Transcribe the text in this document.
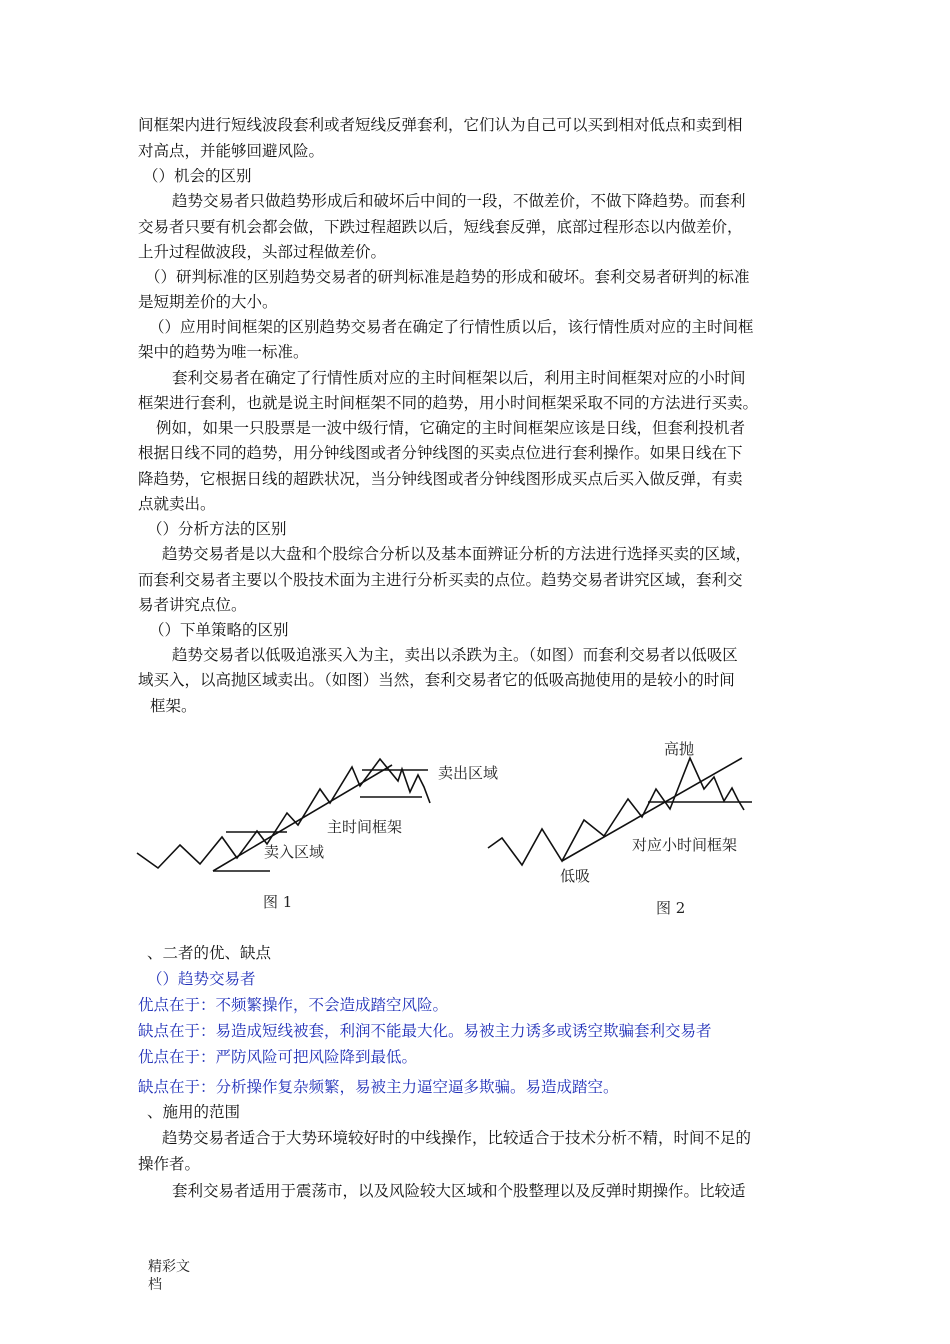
间框架内进行短线波段套利或者短线反弹套利，它们认为自己可以买到相对低点和卖到相
对高点，并能够回避风险。
（）机会的区别
趋势交易者只做趋势形成后和破坏后中间的一段，不做差价，不做下降趋势。而套利
交易者只要有机会都会做，下跌过程超跌以后，短线套反弹，底部过程形态以内做差价，
上升过程做波段，头部过程做差价。
（）研判标准的区别趋势交易者的研判标准是趋势的形成和破坏。套利交易者研判的标准
是短期差价的大小。
（）应用时间框架的区别趋势交易者在确定了行情性质以后，该行情性质对应的主时间框
架中的趋势为唯一标准。
套利交易者在确定了行情性质对应的主时间框架以后，利用主时间框架对应的小时间
框架进行套利，也就是说主时间框架不同的趋势，用小时间框架采取不同的方法进行买卖。
例如，如果一只股票是一波中级行情，它确定的主时间框架应该是日线，但套利投机者
根据日线不同的趋势，用分钟线图或者分钟线图的买卖点位进行套利操作。如果日线在下
降趋势，它根据日线的超跌状况，当分钟线图或者分钟线图形成买点后买入做反弹，有卖
点就卖出。
（）分析方法的区别
趋势交易者是以大盘和个股综合分析以及基本面辨证分析的方法进行选择买卖的区域，
而套利交易者主要以个股技术面为主进行分析买卖的点位。趋势交易者讲究区域，套利交
易者讲究点位。
（）下单策略的区别
趋势交易者以低吸追涨买入为主，卖出以杀跌为主。（如图）而套利交易者以低吸区
域买入，以高抛区域卖出。（如图）当然，套利交易者它的低吸高抛使用的是较小的时间
框架。
卖出区域
主时间框架
卖入区域
图 1
高抛
对应小时间框架
低吸
图 2
、二者的优、缺点
（）趋势交易者
优点在于：不频繁操作，不会造成踏空风险。
缺点在于：易造成短线被套，利润不能最大化。易被主力诱多或诱空欺骗套利交易者
优点在于：严防风险可把风险降到最低。
缺点在于：分析操作复杂频繁，易被主力逼空逼多欺骗。易造成踏空。
、施用的范围
趋势交易者适合于大势环境较好时的中线操作，比较适合于技术分析不精，时间不足的
操作者。
套利交易者适用于震荡市，以及风险较大区域和个股整理以及反弹时期操作。比较适
精彩文
档
